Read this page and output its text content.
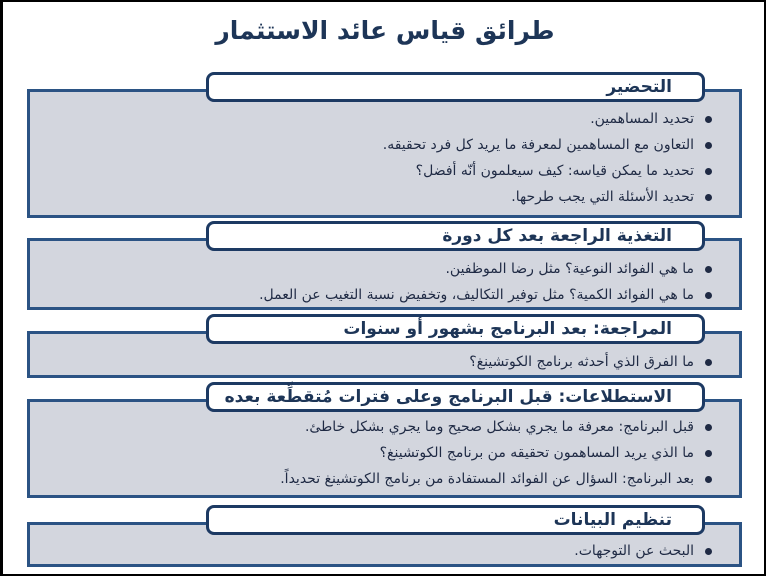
طرائق قياس عائد الاستثمار
التحضير
تحديد المساهمين.
التعاون مع المساهمين لمعرفة ما يريد كل فرد تحقيقه.
تحديد ما يمكن قياسه: كيف سيعلمون أنّه أفضل؟
تحديد الأسئلة التي يجب طرحها.
التغذية الراجعة بعد كل دورة
ما هي الفوائد النوعية؟ مثل رضا الموظفين.
ما هي الفوائد الكمية؟ مثل توفير التكاليف، وتخفيض نسبة التغيب عن العمل.
المراجعة: بعد البرنامج بشهور أو سنوات
ما الفرق الذي أحدثه برنامج الكوتشينغ؟
الاستطلاعات: قبل البرنامج وعلى فترات مُتقطِّعة بعده
قبل البرنامج: معرفة ما يجري بشكل صحيح وما يجري بشكل خاطئ.
ما الذي يريد المساهمون تحقيقه من برنامج الكوتشينغ؟
بعد البرنامج: السؤال عن الفوائد المستفادة من برنامج الكوتشينغ تحديداً.
تنظيم البيانات
البحث عن التوجهات.
